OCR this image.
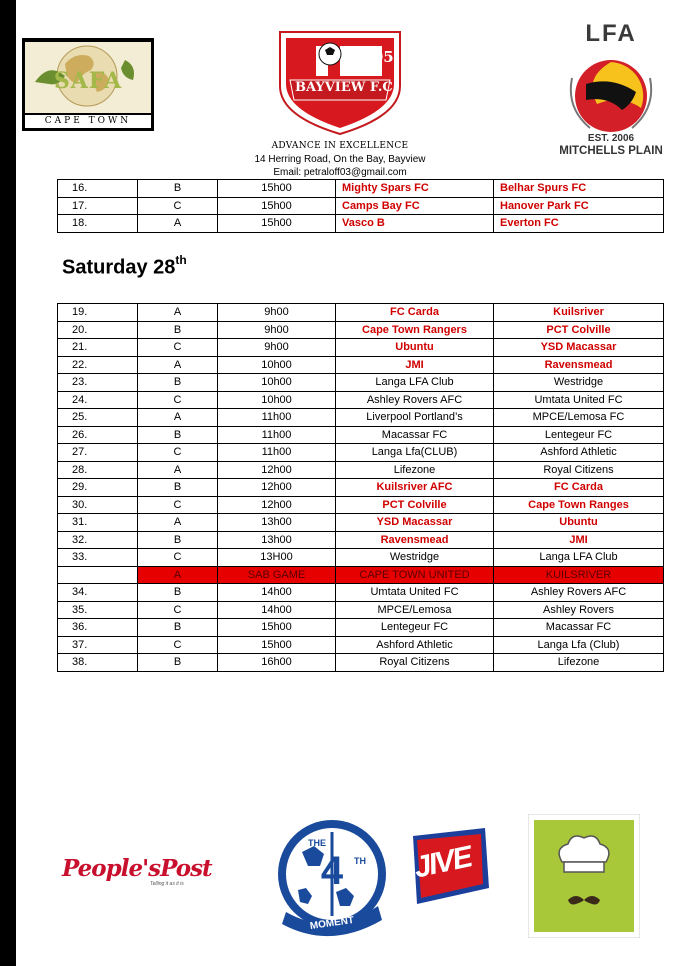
SAFA
CAPE TOWN
2005
BAYVIEW F.C.
ADVANCE IN EXCELLENCE
14 Herring Road, On the Bay, Bayview
Email: petraloff03@gmail.com
LFA
EST. 2006
MITCHELLS PLAIN
16.	B	15h00	Mighty Spars FC	Belhar Spurs FC
17.	C	15h00	Camps Bay FC	Hanover Park FC
18.	A	15h00	Vasco B	Everton FC
Saturday 28th
19.	A	9h00	FC Carda	Kuilsriver
20.	B	9h00	Cape Town Rangers	PCT Colville
21.	C	9h00	Ubuntu	YSD Macassar
22.	A	10h00	JMI	Ravensmead
23.	B	10h00	Langa LFA Club	Westridge
24.	C	10h00	Ashley Rovers AFC	Umtata United FC
25.	A	11h00	Liverpool Portland’s	MPCE/Lemosa FC
26.	B	11h00	Macassar FC	Lentegeur FC
27.	C	11h00	Langa Lfa(CLUB)	Ashford Athletic
28.	A	12h00	Lifezone	Royal Citizens
29.	B	12h00	Kuilsriver AFC	FC Carda
30.	C	12h00	PCT Colville	Cape Town Ranges
31.	A	13h00	YSD Macassar	Ubuntu
32.	B	13h00	Ravensmead	JMI
33.	C	13H00	Westridge	Langa LFA Club
	A	SAB GAME	CAPE TOWN UNITED	KUILSRIVER
34.	B	14h00	Umtata United FC	Ashley Rovers AFC
35.	C	14h00	MPCE/Lemosa	Ashley Rovers
36.	B	15h00	Lentegeur FC	Macassar FC
37.	C	15h00	Ashford Athletic	Langa Lfa (Club)
38.	B	16h00	Royal Citizens	Lifezone
People'sPost
Telling it as it is	4 TH
THE
MOMENT
JIVE
